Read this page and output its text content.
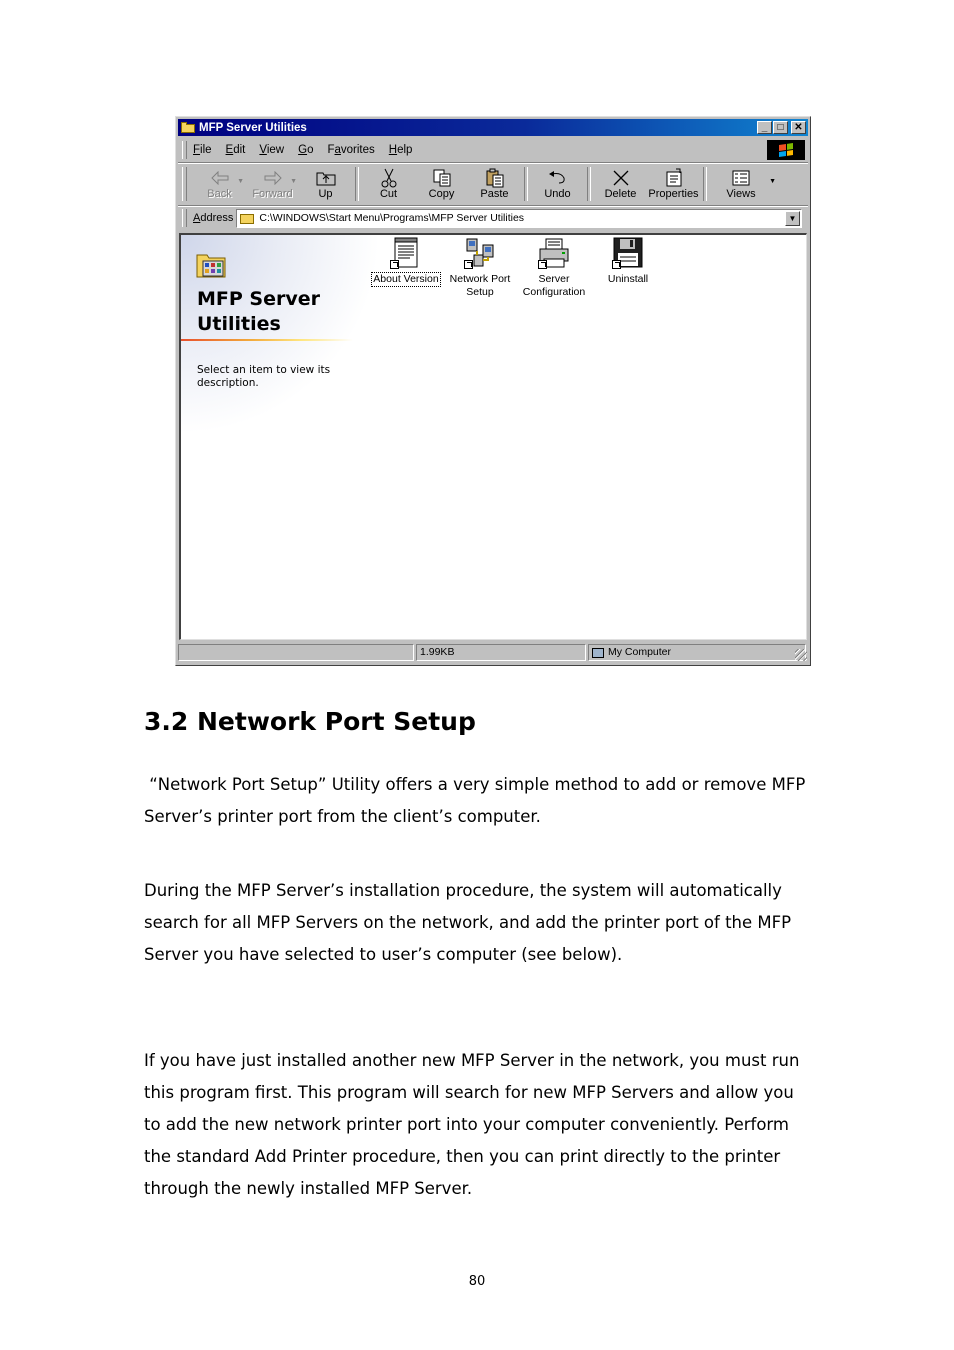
MFP Server Utilities	_	□	✕
File Edit View Go Favorites Help
Back
▼
Forward
▼
Up	Cut	Copy Paste	Undo	Delete Properties	Views
▼
Address C:\WINDOWS\Start Menu\Programs\MFP Server Utilities	▼
MFP Server
Utilities
Select an item to view its description.
About Version Network Port
Setup
Server
Configuration
Uninstall
1.99KB	My Computer
3.2 Network Port Setup

“Network Port Setup” Utility offers a very simple method to add or remove MFP Server’s printer port from the client’s computer.

During the MFP Server’s installation procedure, the system will automatically search for all MFP Servers on the network, and add the printer port of the MFP Server you have selected to user’s computer (see below).

If you have just installed another new MFP Server in the network, you must run this program first. This program will search for new MFP Servers and allow you to add the new network printer port into your computer conveniently. Perform the standard Add Printer procedure, then you can print directly to the printer through the newly installed MFP Server.

80
